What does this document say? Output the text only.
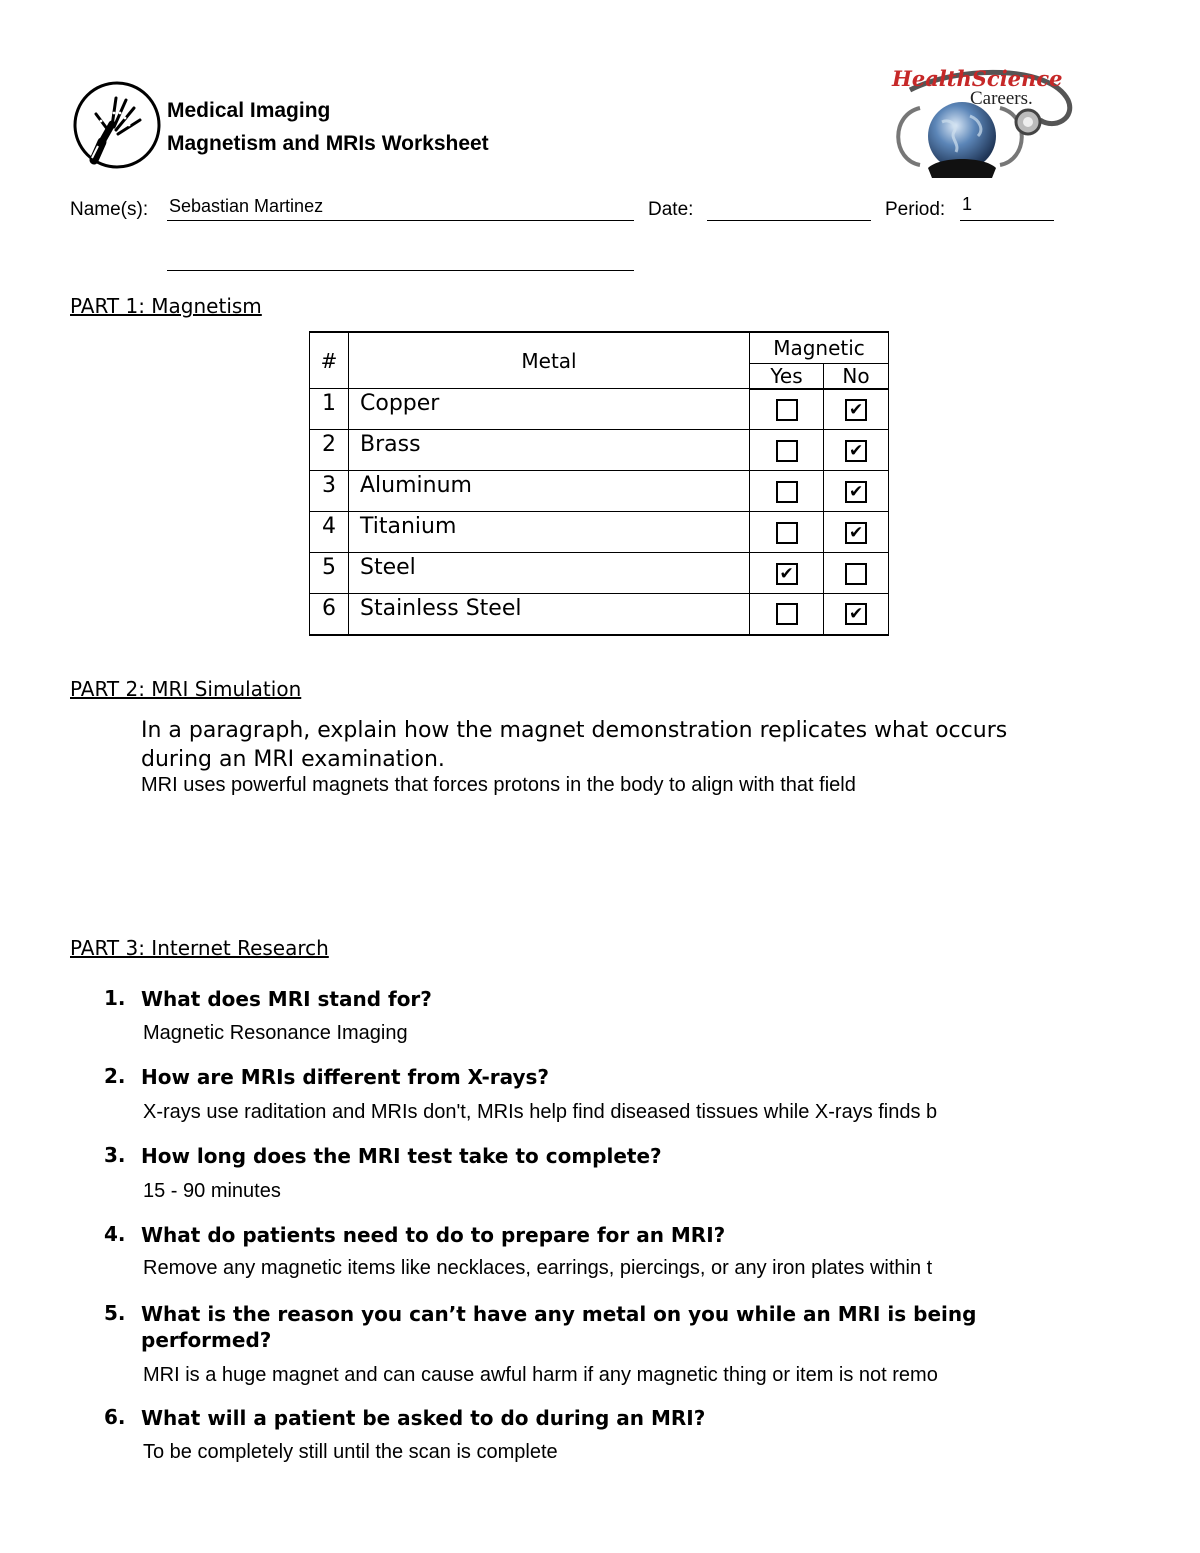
Medical Imaging
Magnetism and MRIs Worksheet
HealthScience
Careers.
Name(s): Sebastian Martinez	Date:	Period: 1
PART 1: Magnetism
#	Metal	Magnetic	
		Yes	No
1	Copper		✔
2	Brass		✔
3	Aluminum		✔
4	Titanium		✔
5	Steel	✔	
6	Stainless Steel		✔
PART 2: MRI Simulation
In a paragraph, explain how the magnet demonstration replicates what occurs during an MRI examination.
MRI uses powerful magnets that forces protons in the body to align with that field
PART 3: Internet Research
1. What does MRI stand for?
Magnetic Resonance Imaging
2. How are MRIs different from X-rays?
X-rays use raditation and MRIs don't, MRIs help find diseased tissues while X-rays finds b
3. How long does the MRI test take to complete?
15 - 90 minutes
4. What do patients need to do to prepare for an MRI?
Remove any magnetic items like necklaces, earrings, piercings, or any iron plates within t
5. What is the reason you can’t have any metal on you while an MRI is being performed?
MRI is a huge magnet and can cause awful harm if any magnetic thing or item is not remo
6. What will a patient be asked to do during an MRI?
To be completely still until the scan is complete
